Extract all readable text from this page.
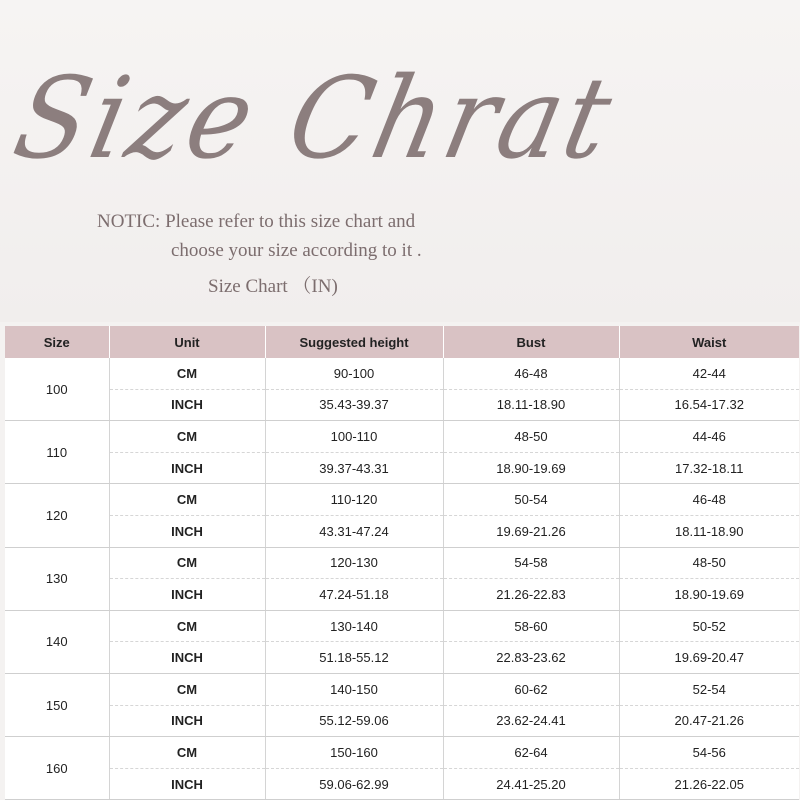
Size Chrat
NOTIC: Please refer to this size chart and
choose your size according to it .
Size Chart （IN)
Size	Unit	Suggested height	Bust	Waist
100	CM	90-100	46-48	42-44
	INCH	35.43-39.37	18.11-18.90	16.54-17.32
110	CM	100-110	48-50	44-46
	INCH	39.37-43.31	18.90-19.69	17.32-18.11
120	CM	110-120	50-54	46-48
	INCH	43.31-47.24	19.69-21.26	18.11-18.90
130	CM	120-130	54-58	48-50
	INCH	47.24-51.18	21.26-22.83	18.90-19.69
140	CM	130-140	58-60	50-52
	INCH	51.18-55.12	22.83-23.62	19.69-20.47
150	CM	140-150	60-62	52-54
	INCH	55.12-59.06	23.62-24.41	20.47-21.26
160	CM	150-160	62-64	54-56
	INCH	59.06-62.99	24.41-25.20	21.26-22.05
